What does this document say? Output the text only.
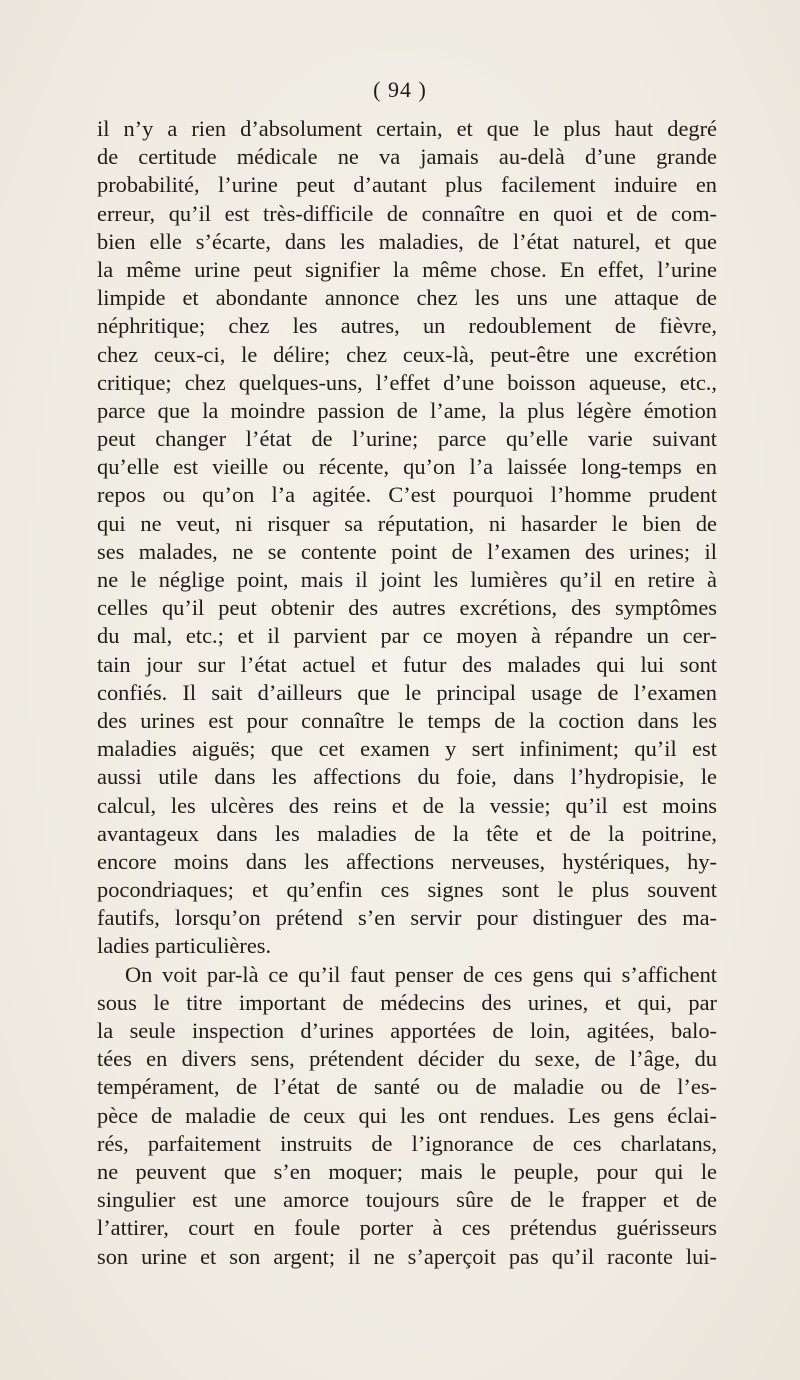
( 94 )
il n’y a rien d’absolument certain, et que le plus haut degré
de certitude médicale ne va jamais au-delà d’une grande
probabilité, l’urine peut d’autant plus facilement induire en
erreur, qu’il est très-difficile de connaître en quoi et de com-
bien elle s’écarte, dans les maladies, de l’état naturel, et que
la même urine peut signifier la même chose. En effet, l’urine
limpide et abondante annonce chez les uns une attaque de
néphritique; chez les autres, un redoublement de fièvre,
chez ceux-ci, le délire; chez ceux-là, peut-être une excrétion
critique; chez quelques-uns, l’effet d’une boisson aqueuse, etc.,
parce que la moindre passion de l’ame, la plus légère émotion
peut changer l’état de l’urine; parce qu’elle varie suivant
qu’elle est vieille ou récente, qu’on l’a laissée long-temps en
repos ou qu’on l’a agitée. C’est pourquoi l’homme prudent
qui ne veut, ni risquer sa réputation, ni hasarder le bien de
ses malades, ne se contente point de l’examen des urines; il
ne le néglige point, mais il joint les lumières qu’il en retire à
celles qu’il peut obtenir des autres excrétions, des symptômes
du mal, etc.; et il parvient par ce moyen à répandre un cer-
tain jour sur l’état actuel et futur des malades qui lui sont
confiés. Il sait d’ailleurs que le principal usage de l’examen
des urines est pour connaître le temps de la coction dans les
maladies aiguës; que cet examen y sert infiniment; qu’il est
aussi utile dans les affections du foie, dans l’hydropisie, le
calcul, les ulcères des reins et de la vessie; qu’il est moins
avantageux dans les maladies de la tête et de la poitrine,
encore moins dans les affections nerveuses, hystériques, hy-
pocondriaques; et qu’enfin ces signes sont le plus souvent
fautifs, lorsqu’on prétend s’en servir pour distinguer des ma-
ladies particulières.
On voit par-là ce qu’il faut penser de ces gens qui s’affichent
sous le titre important de médecins des urines, et qui, par
la seule inspection d’urines apportées de loin, agitées, balo-
tées en divers sens, prétendent décider du sexe, de l’âge, du
tempérament, de l’état de santé ou de maladie ou de l’es-
pèce de maladie de ceux qui les ont rendues. Les gens éclai-
rés, parfaitement instruits de l’ignorance de ces charlatans,
ne peuvent que s’en moquer; mais le peuple, pour qui le
singulier est une amorce toujours sûre de le frapper et de
l’attirer, court en foule porter à ces prétendus guérisseurs
son urine et son argent; il ne s’aperçoit pas qu’il raconte lui-
